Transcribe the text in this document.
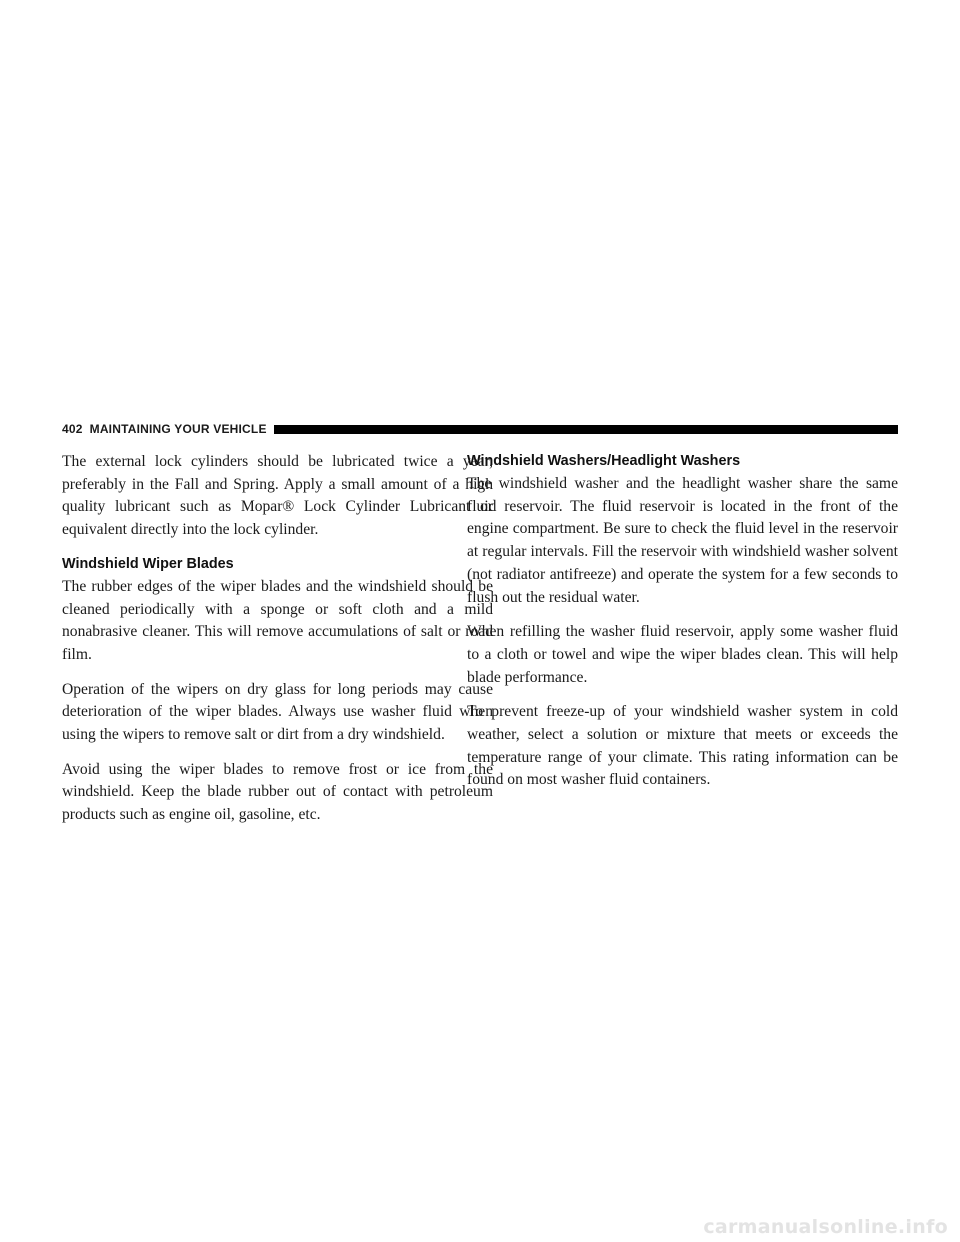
402 MAINTAINING YOUR VEHICLE

The external lock cylinders should be lubricated twice a year, preferably in the Fall and Spring. Apply a small amount of a high quality lubricant such as Mopar® Lock Cylinder Lubricant or equivalent directly into the lock cylinder.

Windshield Wiper Blades

The rubber edges of the wiper blades and the windshield should be cleaned periodically with a sponge or soft cloth and a mild nonabrasive cleaner. This will remove accumulations of salt or road film.

Operation of the wipers on dry glass for long periods may cause deterioration of the wiper blades. Always use washer fluid when using the wipers to remove salt or dirt from a dry windshield.

Avoid using the wiper blades to remove frost or ice from the windshield. Keep the blade rubber out of contact with petroleum products such as engine oil, gasoline, etc.

Windshield Washers/Headlight Washers

The windshield washer and the headlight washer share the same fluid reservoir. The fluid reservoir is located in the front of the engine compartment. Be sure to check the fluid level in the reservoir at regular intervals. Fill the reservoir with windshield washer solvent (not radiator antifreeze) and operate the system for a few seconds to flush out the residual water.

When refilling the washer fluid reservoir, apply some washer fluid to a cloth or towel and wipe the wiper blades clean. This will help blade performance.

To prevent freeze-up of your windshield washer system in cold weather, select a solution or mixture that meets or exceeds the temperature range of your climate. This rating information can be found on most washer fluid containers.

carmanualsonline.info
